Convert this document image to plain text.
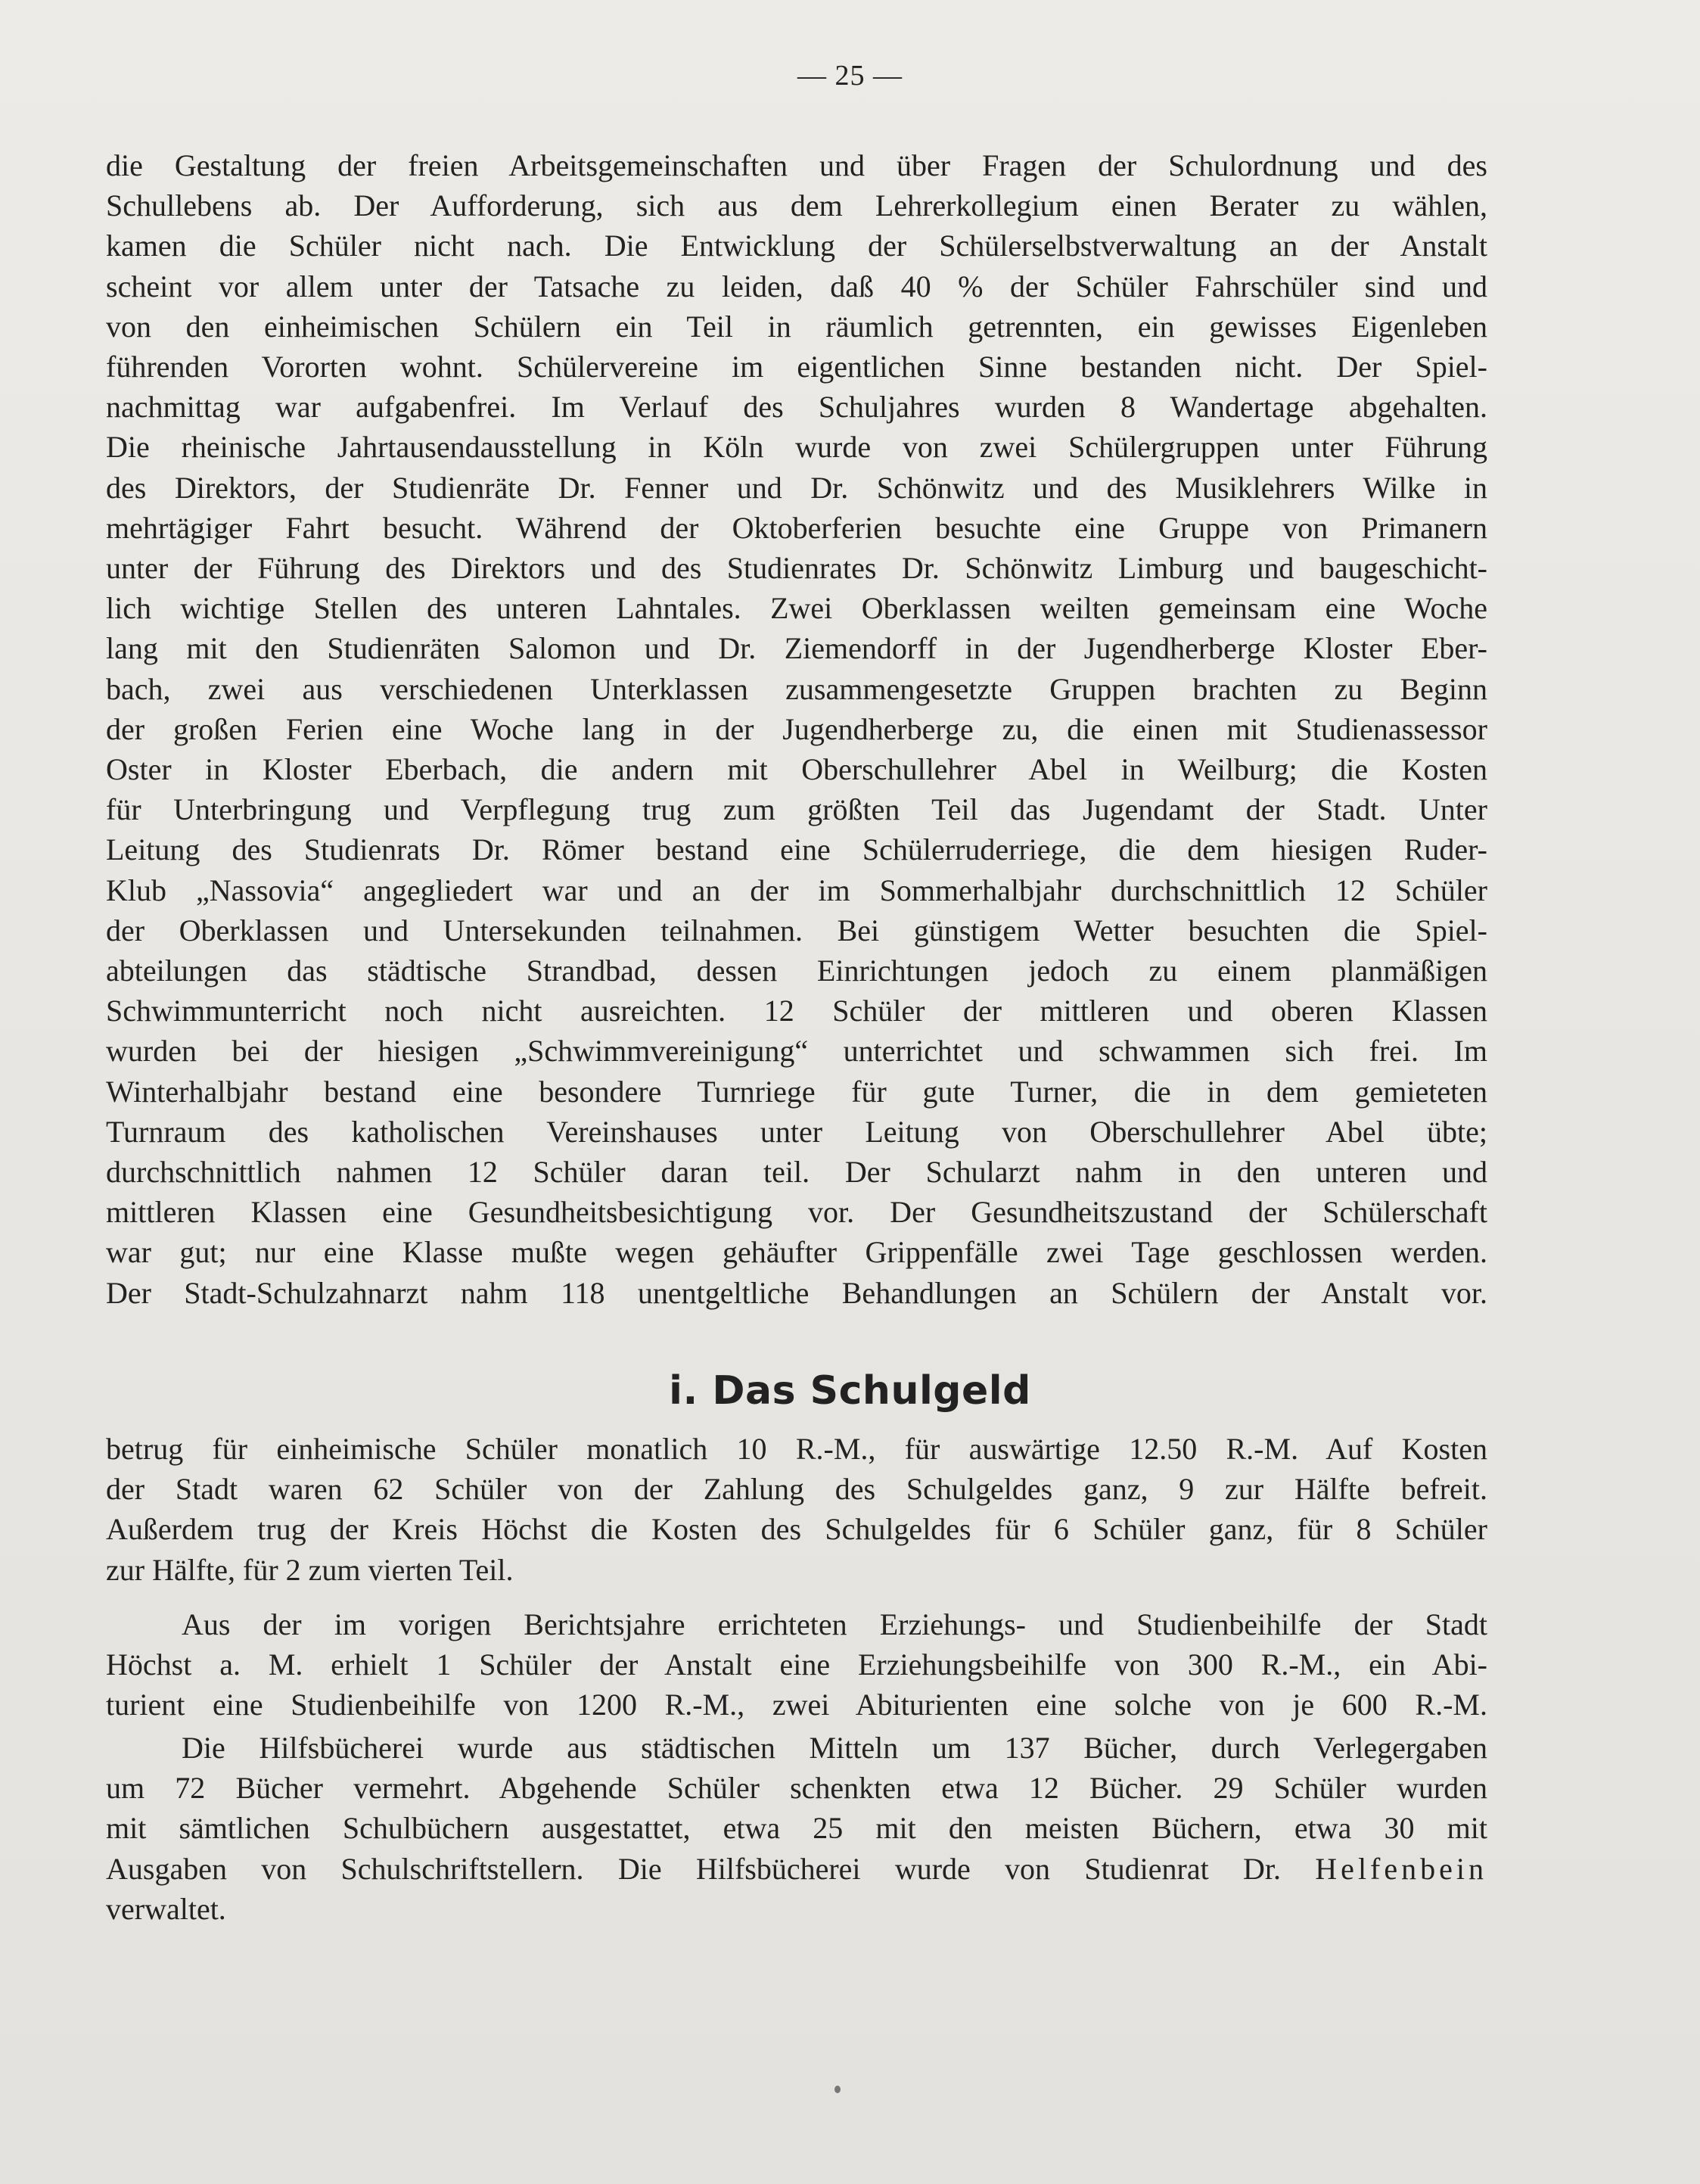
— 25 —
die Gestaltung der freien Arbeitsgemeinschaften und über Fragen der Schulordnung und des
Schullebens ab. Der Aufforderung, sich aus dem Lehrerkollegium einen Berater zu wählen,
kamen die Schüler nicht nach. Die Entwicklung der Schülerselbstverwaltung an der Anstalt
scheint vor allem unter der Tatsache zu leiden, daß 40 % der Schüler Fahrschüler sind und
von den einheimischen Schülern ein Teil in räumlich getrennten, ein gewisses Eigenleben
führenden Vororten wohnt. Schülervereine im eigentlichen Sinne bestanden nicht. Der Spiel-
nachmittag war aufgabenfrei. Im Verlauf des Schuljahres wurden 8 Wandertage abgehalten.
Die rheinische Jahrtausendausstellung in Köln wurde von zwei Schülergruppen unter Führung
des Direktors, der Studienräte Dr. Fenner und Dr. Schönwitz und des Musiklehrers Wilke in
mehrtägiger Fahrt besucht. Während der Oktoberferien besuchte eine Gruppe von Primanern
unter der Führung des Direktors und des Studienrates Dr. Schönwitz Limburg und baugeschicht-
lich wichtige Stellen des unteren Lahntales. Zwei Oberklassen weilten gemeinsam eine Woche
lang mit den Studienräten Salomon und Dr. Ziemendorff in der Jugendherberge Kloster Eber-
bach, zwei aus verschiedenen Unterklassen zusammengesetzte Gruppen brachten zu Beginn
der großen Ferien eine Woche lang in der Jugendherberge zu, die einen mit Studienassessor
Oster in Kloster Eberbach, die andern mit Oberschullehrer Abel in Weilburg; die Kosten
für Unterbringung und Verpflegung trug zum größten Teil das Jugendamt der Stadt. Unter
Leitung des Studienrats Dr. Römer bestand eine Schülerruderriege, die dem hiesigen Ruder-
Klub „Nassovia“ angegliedert war und an der im Sommerhalbjahr durchschnittlich 12 Schüler
der Oberklassen und Untersekunden teilnahmen. Bei günstigem Wetter besuchten die Spiel-
abteilungen das städtische Strandbad, dessen Einrichtungen jedoch zu einem planmäßigen
Schwimmunterricht noch nicht ausreichten. 12 Schüler der mittleren und oberen Klassen
wurden bei der hiesigen „Schwimmvereinigung“ unterrichtet und schwammen sich frei. Im
Winterhalbjahr bestand eine besondere Turnriege für gute Turner, die in dem gemieteten
Turnraum des katholischen Vereinshauses unter Leitung von Oberschullehrer Abel übte;
durchschnittlich nahmen 12 Schüler daran teil. Der Schularzt nahm in den unteren und
mittleren Klassen eine Gesundheitsbesichtigung vor. Der Gesundheitszustand der Schülerschaft
war gut; nur eine Klasse mußte wegen gehäufter Grippenfälle zwei Tage geschlossen werden.
Der Stadt-Schulzahnarzt nahm 118 unentgeltliche Behandlungen an Schülern der Anstalt vor.
i. Das Schulgeld
betrug für einheimische Schüler monatlich 10 R.-M., für auswärtige 12.50 R.-M. Auf Kosten
der Stadt waren 62 Schüler von der Zahlung des Schulgeldes ganz, 9 zur Hälfte befreit.
Außerdem trug der Kreis Höchst die Kosten des Schulgeldes für 6 Schüler ganz, für 8 Schüler
zur Hälfte, für 2 zum vierten Teil.
Aus der im vorigen Berichtsjahre errichteten Erziehungs- und Studienbeihilfe der Stadt
Höchst a. M. erhielt 1 Schüler der Anstalt eine Erziehungsbeihilfe von 300 R.-M., ein Abi-
turient eine Studienbeihilfe von 1200 R.-M., zwei Abiturienten eine solche von je 600 R.-M.
Die Hilfsbücherei wurde aus städtischen Mitteln um 137 Bücher, durch Verlegergaben
um 72 Bücher vermehrt. Abgehende Schüler schenkten etwa 12 Bücher. 29 Schüler wurden
mit sämtlichen Schulbüchern ausgestattet, etwa 25 mit den meisten Büchern, etwa 30 mit
Ausgaben von Schulschriftstellern. Die Hilfsbücherei wurde von Studienrat Dr. Helfenbein
verwaltet.
